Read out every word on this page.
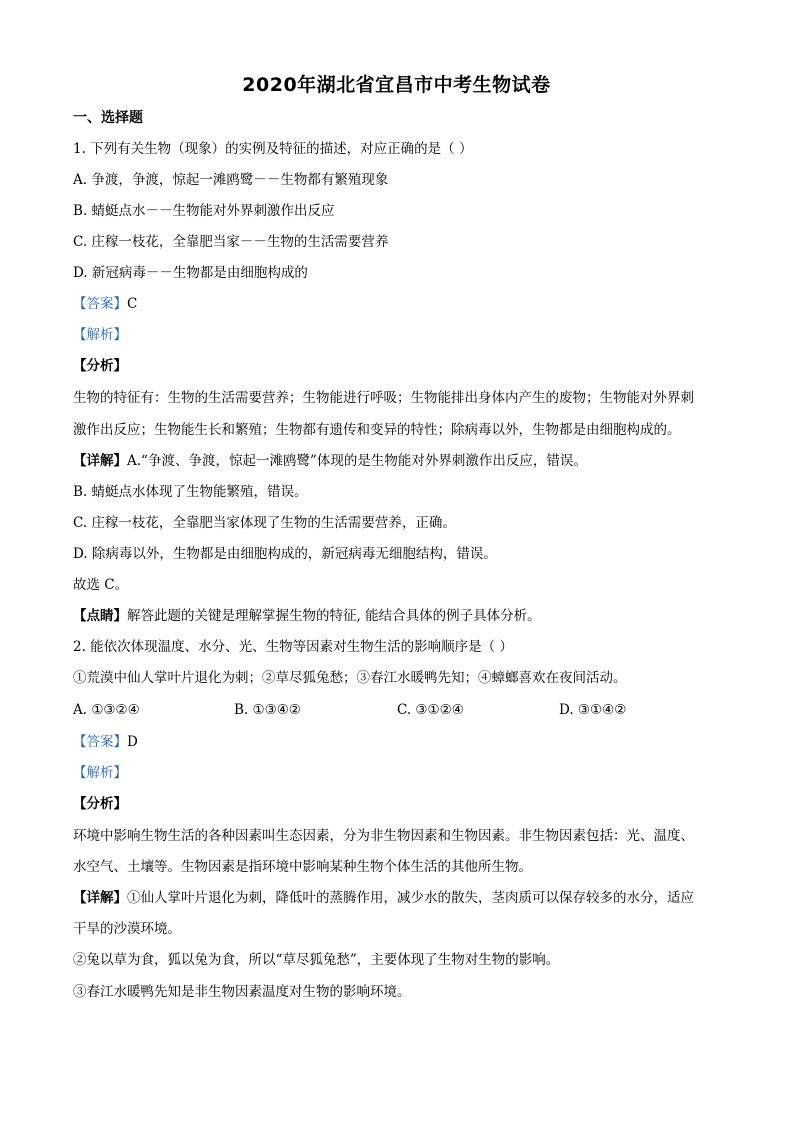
2020年湖北省宜昌市中考生物试卷
一、选择题
1. 下列有关生物（现象）的实例及特征的描述，对应正确的是（ ）
A. 争渡，争渡，惊起一滩鸥鹭－－生物都有繁殖现象
B. 蜻蜓点水－－生物能对外界刺激作出反应
C. 庄稼一枝花，全靠肥当家－－生物的生活需要营养
D. 新冠病毒－－生物都是由细胞构成的
【答案】C
【解析】
【分析】
生物的特征有：生物的生活需要营养；生物能进行呼吸；生物能排出身体内产生的废物；生物能对外界刺
激作出反应；生物能生长和繁殖；生物都有遗传和变异的特性；除病毒以外，生物都是由细胞构成的。
【详解】A.“争渡、争渡，惊起一滩鸥鹭”体现的是生物能对外界刺激作出反应，错误。
B. 蜻蜓点水体现了生物能繁殖，错误。
C. 庄稼一枝花，全靠肥当家体现了生物的生活需要营养，正确。
D. 除病毒以外，生物都是由细胞构成的，新冠病毒无细胞结构，错误。
故选 C。
【点睛】解答此题的关键是理解掌握生物的特征, 能结合具体的例子具体分析。
2. 能依次体现温度、水分、光、生物等因素对生物生活的影响顺序是（ ）
①荒漠中仙人掌叶片退化为刺；②草尽狐兔愁；③春江水暖鸭先知；④蟑螂喜欢在夜间活动。
A. ①③②④	B. ①③④②	C. ③①②④	D. ③①④②
【答案】D
【解析】
【分析】
环境中影响生物生活的各种因素叫生态因素，分为非生物因素和生物因素。非生物因素包括：光、温度、
水空气、土壤等。生物因素是指环境中影响某种生物个体生活的其他所生物。
【详解】①仙人掌叶片退化为刺，降低叶的蒸腾作用，减少水的散失，茎肉质可以保存较多的水分，适应
干旱的沙漠环境。
②兔以草为食，狐以兔为食，所以“草尽狐兔愁”，主要体现了生物对生物的影响。
③春江水暖鸭先知是非生物因素温度对生物的影响环境。
